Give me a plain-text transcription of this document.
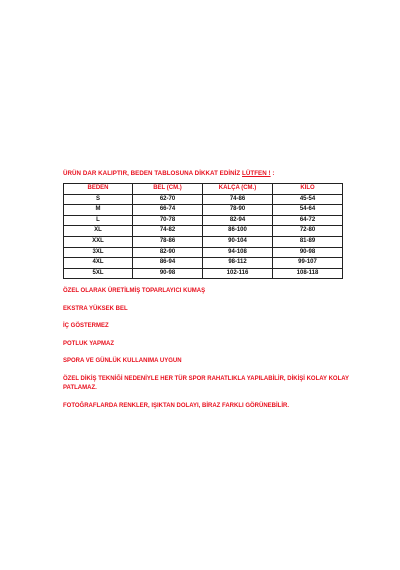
ÜRÜN DAR KALIPTIR, BEDEN TABLOSUNA DİKKAT EDİNİZ LÜTFEN ! :
BEDEN	BEL (CM.)	KALÇA (CM.)	KİLO
S	62-70	74-86	45-54
M	66-74	78-90	54-64
L	70-78	82-94	64-72
XL	74-82	86-100	72-80
XXL	78-86	90-104	81-89
3XL	82-90	94-108	90-98
4XL	86-94	98-112	99-107
5XL	90-98	102-116	108-118

ÖZEL OLARAK ÜRETİLMİŞ TOPARLAYICI KUMAŞ

EKSTRA YÜKSEK BEL

İÇ GÖSTERMEZ

POTLUK YAPMAZ

SPORA VE GÜNLÜK KULLANIMA UYGUN

ÖZEL DİKİŞ TEKNİĞİ NEDENİYLE HER TÜR SPOR RAHATLIKLA YAPILABİLİR, DİKİŞİ KOLAY KOLAY PATLAMAZ.

FOTOĞRAFLARDA RENKLER, IŞIKTAN DOLAYI, BİRAZ FARKLI GÖRÜNEBİLİR.
